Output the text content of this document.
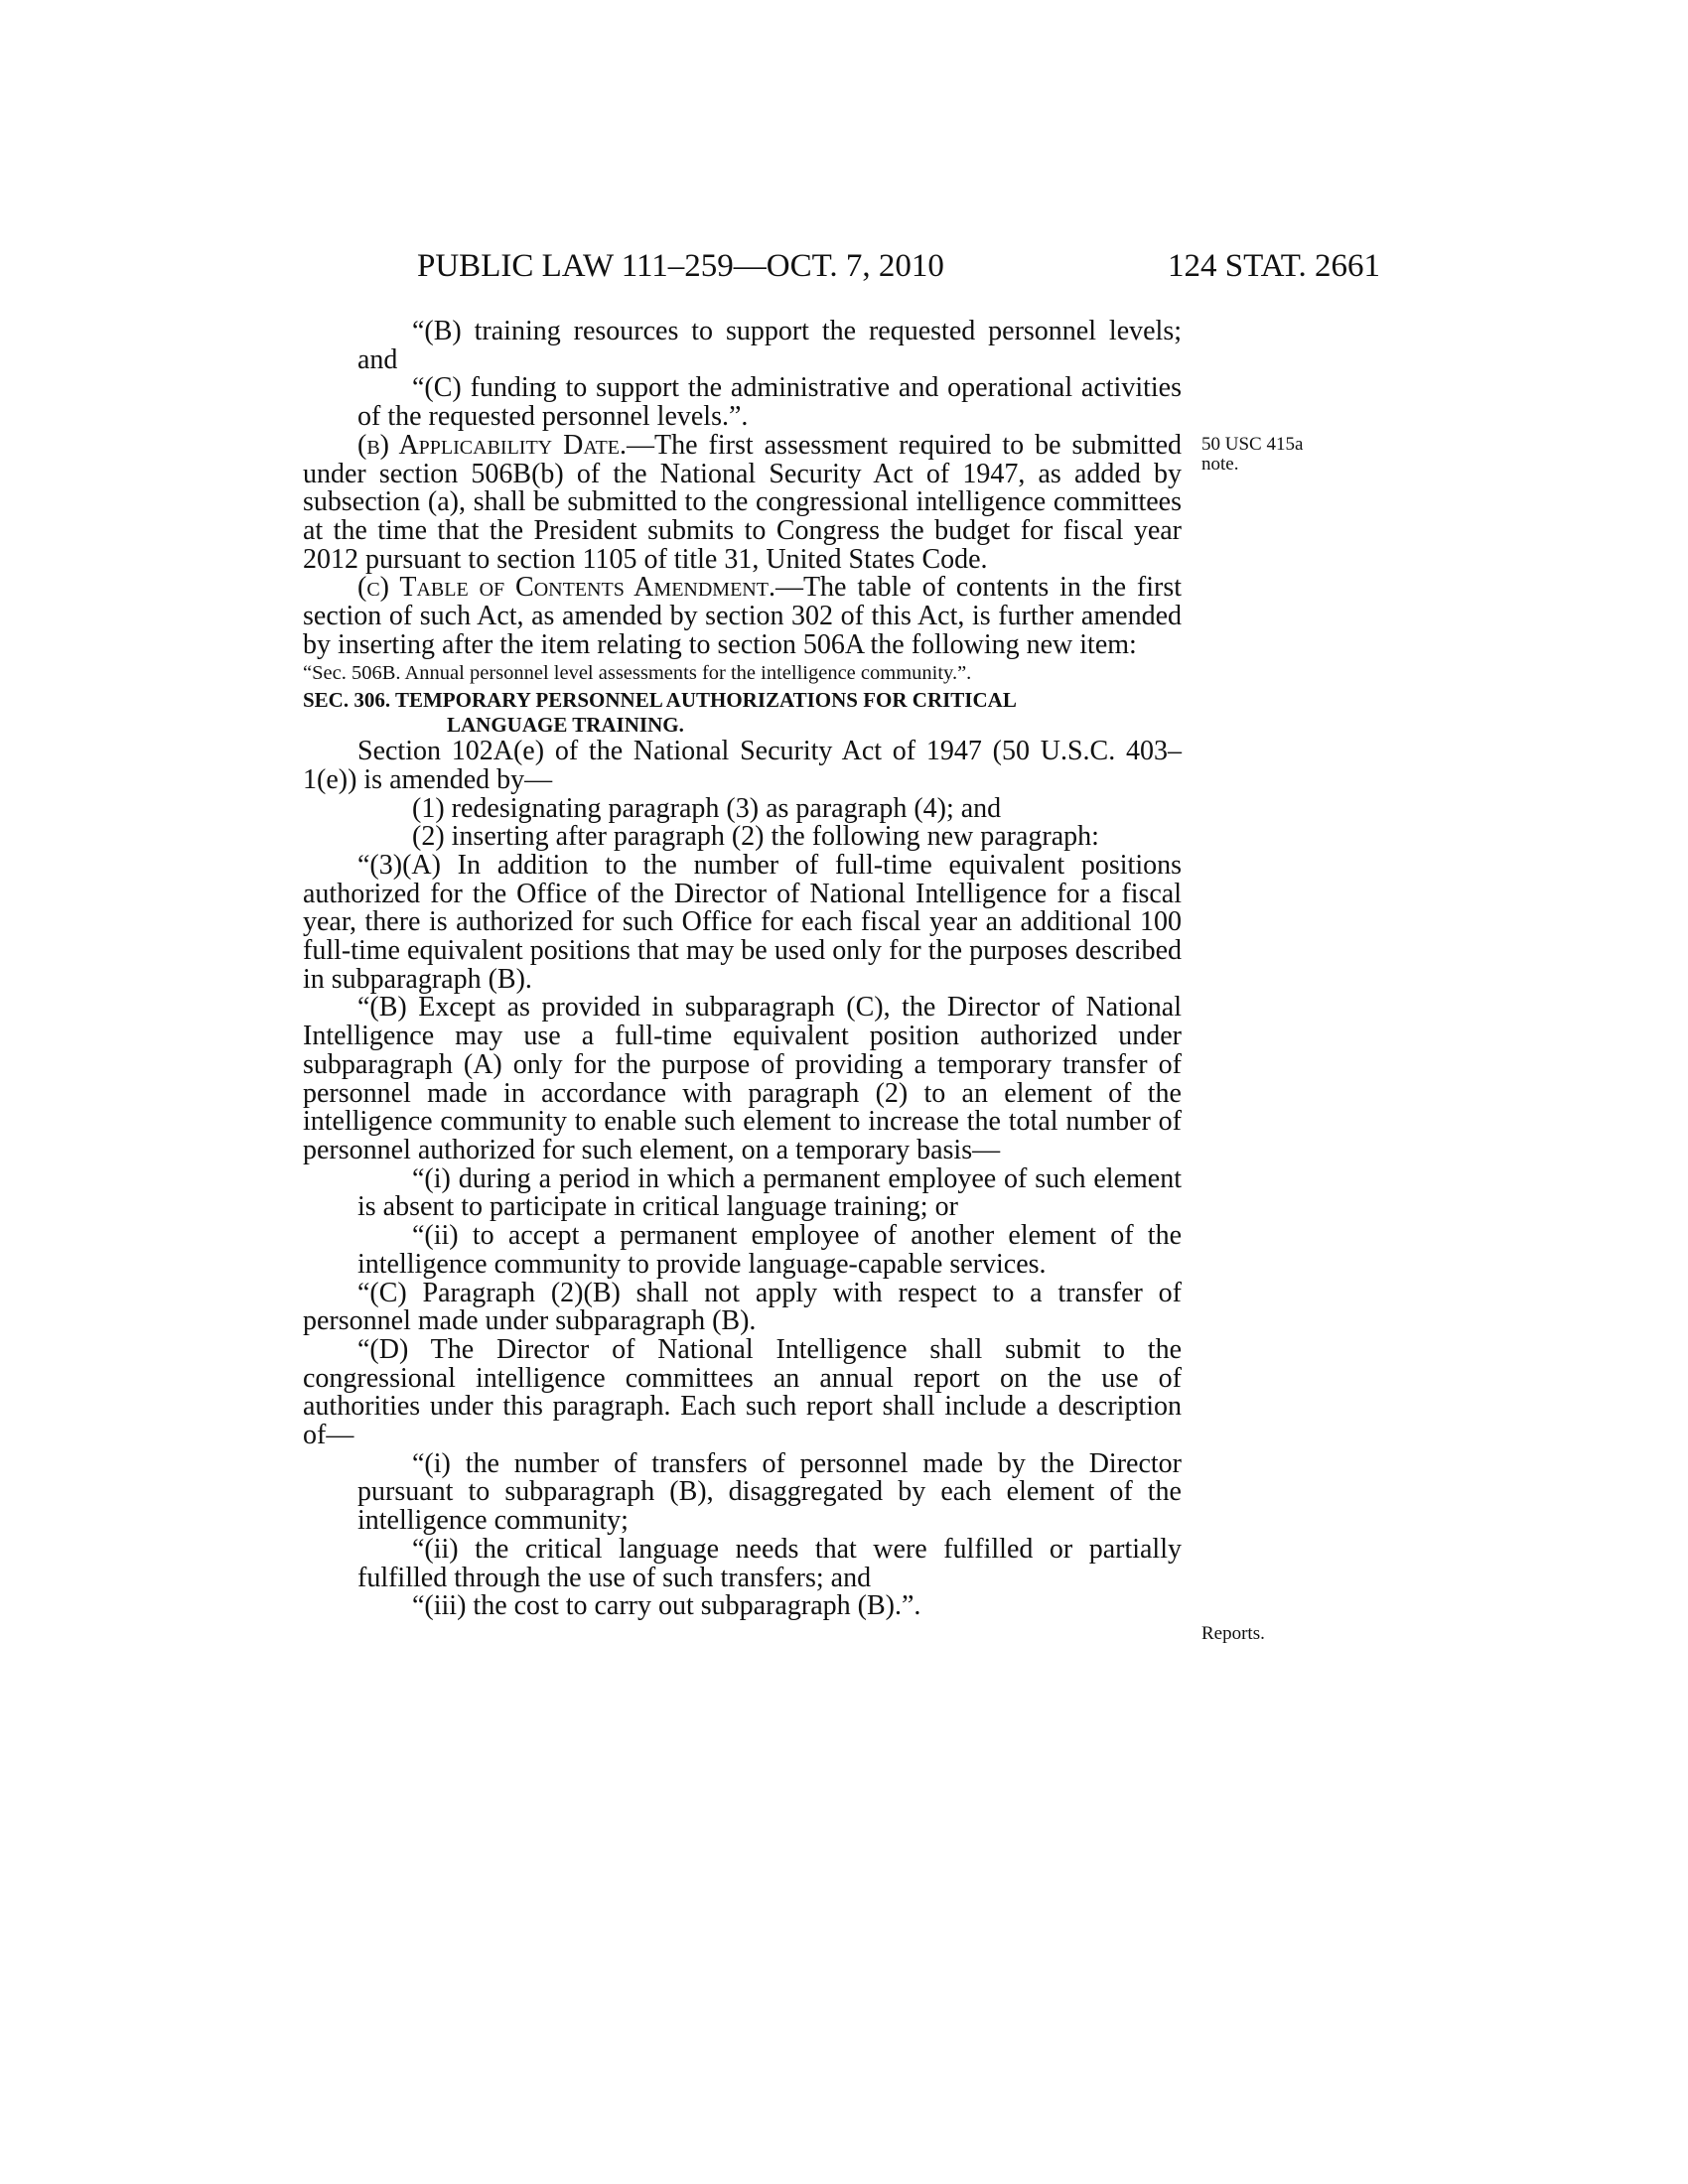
PUBLIC LAW 111–259—OCT. 7, 2010	124 STAT. 2661
50 USC 415a
note.
Reports.

“(B) training resources to support the requested personnel levels; and

“(C) funding to support the administrative and operational activities of the requested personnel levels.”.

(b) Applicability Date.—The first assessment required to be submitted under section 506B(b) of the National Security Act of 1947, as added by subsection (a), shall be submitted to the congressional intelligence committees at the time that the President submits to Congress the budget for fiscal year 2012 pursuant to section 1105 of title 31, United States Code.

(c) Table of Contents Amendment.—The table of contents in the first section of such Act, as amended by section 302 of this Act, is further amended by inserting after the item relating to section 506A the following new item:

“Sec. 506B. Annual personnel level assessments for the intelligence community.”.

SEC. 306. TEMPORARY PERSONNEL AUTHORIZATIONS FOR CRITICAL
LANGUAGE TRAINING.

Section 102A(e) of the National Security Act of 1947 (50 U.S.C. 403–1(e)) is amended by—

(1) redesignating paragraph (3) as paragraph (4); and

(2) inserting after paragraph (2) the following new paragraph:

“(3)(A) In addition to the number of full-time equivalent positions authorized for the Office of the Director of National Intelligence for a fiscal year, there is authorized for such Office for each fiscal year an additional 100 full-time equivalent positions that may be used only for the purposes described in subparagraph (B).

“(B) Except as provided in subparagraph (C), the Director of National Intelligence may use a full-time equivalent position authorized under subparagraph (A) only for the purpose of providing a temporary transfer of personnel made in accordance with paragraph (2) to an element of the intelligence community to enable such element to increase the total number of personnel authorized for such element, on a temporary basis—

“(i) during a period in which a permanent employee of such element is absent to participate in critical language training; or

“(ii) to accept a permanent employee of another element of the intelligence community to provide language-capable services.

“(C) Paragraph (2)(B) shall not apply with respect to a transfer of personnel made under subparagraph (B).

“(D) The Director of National Intelligence shall submit to the congressional intelligence committees an annual report on the use of authorities under this paragraph. Each such report shall include a description of—

“(i) the number of transfers of personnel made by the Director pursuant to subparagraph (B), disaggregated by each element of the intelligence community;

“(ii) the critical language needs that were fulfilled or partially fulfilled through the use of such transfers; and

“(iii) the cost to carry out subparagraph (B).”.
